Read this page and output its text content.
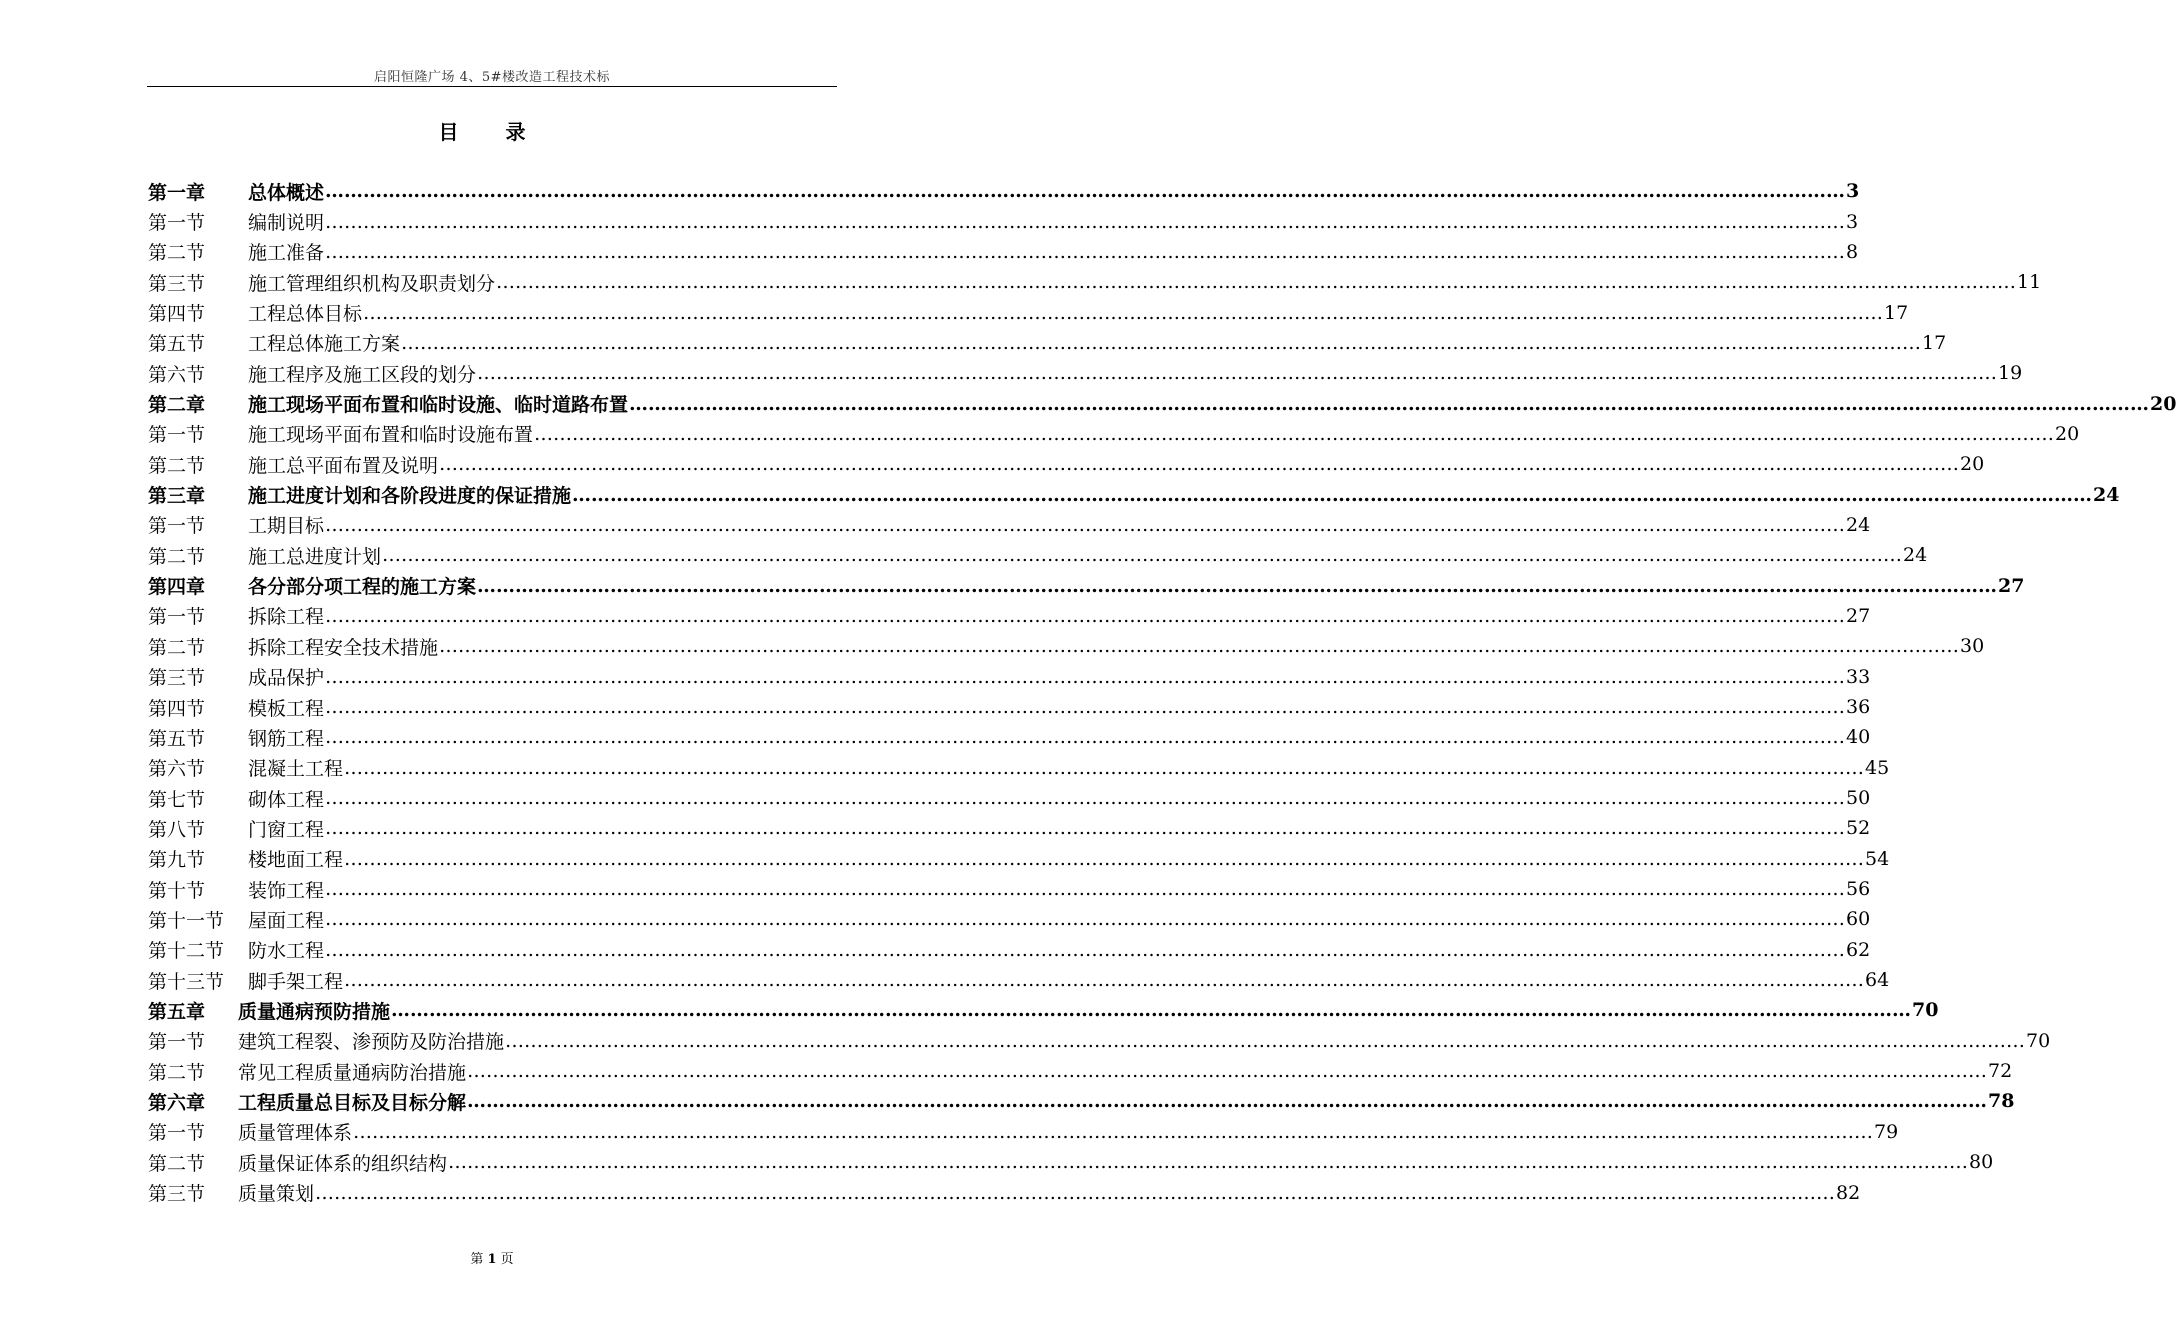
启阳恒隆广场 4、5#楼改造工程技术标
目 录
第一章	总体概述 …………………………………………………………………………………………………………………………………………………………………………………………………………………… 3
第一节	编制说明 …………………………………………………………………………………………………………………………………………………………………………………………………………………… 3
第二节	施工准备 …………………………………………………………………………………………………………………………………………………………………………………………………………………… 8
第三节	施工管理组织机构及职责划分 …………………………………………………………………………………………………………………………………………………………………………………………………………………… 11
第四节	工程总体目标 …………………………………………………………………………………………………………………………………………………………………………………………………………………… 17
第五节	工程总体施工方案 …………………………………………………………………………………………………………………………………………………………………………………………………………………… 17
第六节	施工程序及施工区段的划分 …………………………………………………………………………………………………………………………………………………………………………………………………………………… 19
第二章	施工现场平面布置和临时设施、临时道路布置 …………………………………………………………………………………………………………………………………………………………………………………………………………………… 20
第一节	施工现场平面布置和临时设施布置 …………………………………………………………………………………………………………………………………………………………………………………………………………………… 20
第二节	施工总平面布置及说明 …………………………………………………………………………………………………………………………………………………………………………………………………………………… 20
第三章	施工进度计划和各阶段进度的保证措施 …………………………………………………………………………………………………………………………………………………………………………………………………………………… 24
第一节	工期目标 …………………………………………………………………………………………………………………………………………………………………………………………………………………… 24
第二节	施工总进度计划 …………………………………………………………………………………………………………………………………………………………………………………………………………………… 24
第四章	各分部分项工程的施工方案 …………………………………………………………………………………………………………………………………………………………………………………………………………………… 27
第一节	拆除工程 …………………………………………………………………………………………………………………………………………………………………………………………………………………… 27
第二节	拆除工程安全技术措施 …………………………………………………………………………………………………………………………………………………………………………………………………………………… 30
第三节	成品保护 …………………………………………………………………………………………………………………………………………………………………………………………………………………… 33
第四节	模板工程 …………………………………………………………………………………………………………………………………………………………………………………………………………………… 36
第五节	钢筋工程 …………………………………………………………………………………………………………………………………………………………………………………………………………………… 40
第六节	混凝土工程 …………………………………………………………………………………………………………………………………………………………………………………………………………………… 45
第七节	砌体工程 …………………………………………………………………………………………………………………………………………………………………………………………………………………… 50
第八节	门窗工程 …………………………………………………………………………………………………………………………………………………………………………………………………………………… 52
第九节	楼地面工程 …………………………………………………………………………………………………………………………………………………………………………………………………………………… 54
第十节	装饰工程 …………………………………………………………………………………………………………………………………………………………………………………………………………………… 56
第十一节	屋面工程 …………………………………………………………………………………………………………………………………………………………………………………………………………………… 60
第十二节	防水工程 …………………………………………………………………………………………………………………………………………………………………………………………………………………… 62
第十三节	脚手架工程 …………………………………………………………………………………………………………………………………………………………………………………………………………………… 64
第五章	质量通病预防措施 …………………………………………………………………………………………………………………………………………………………………………………………………………………… 70
第一节	建筑工程裂、渗预防及防治措施 …………………………………………………………………………………………………………………………………………………………………………………………………………………… 70
第二节	常见工程质量通病防治措施 …………………………………………………………………………………………………………………………………………………………………………………………………………………… 72
第六章	工程质量总目标及目标分解 …………………………………………………………………………………………………………………………………………………………………………………………………………………… 78
第一节	质量管理体系 …………………………………………………………………………………………………………………………………………………………………………………………………………………… 79
第二节	质量保证体系的组织结构 …………………………………………………………………………………………………………………………………………………………………………………………………………………… 80
第三节	质量策划 …………………………………………………………………………………………………………………………………………………………………………………………………………………… 82
第 1 页
